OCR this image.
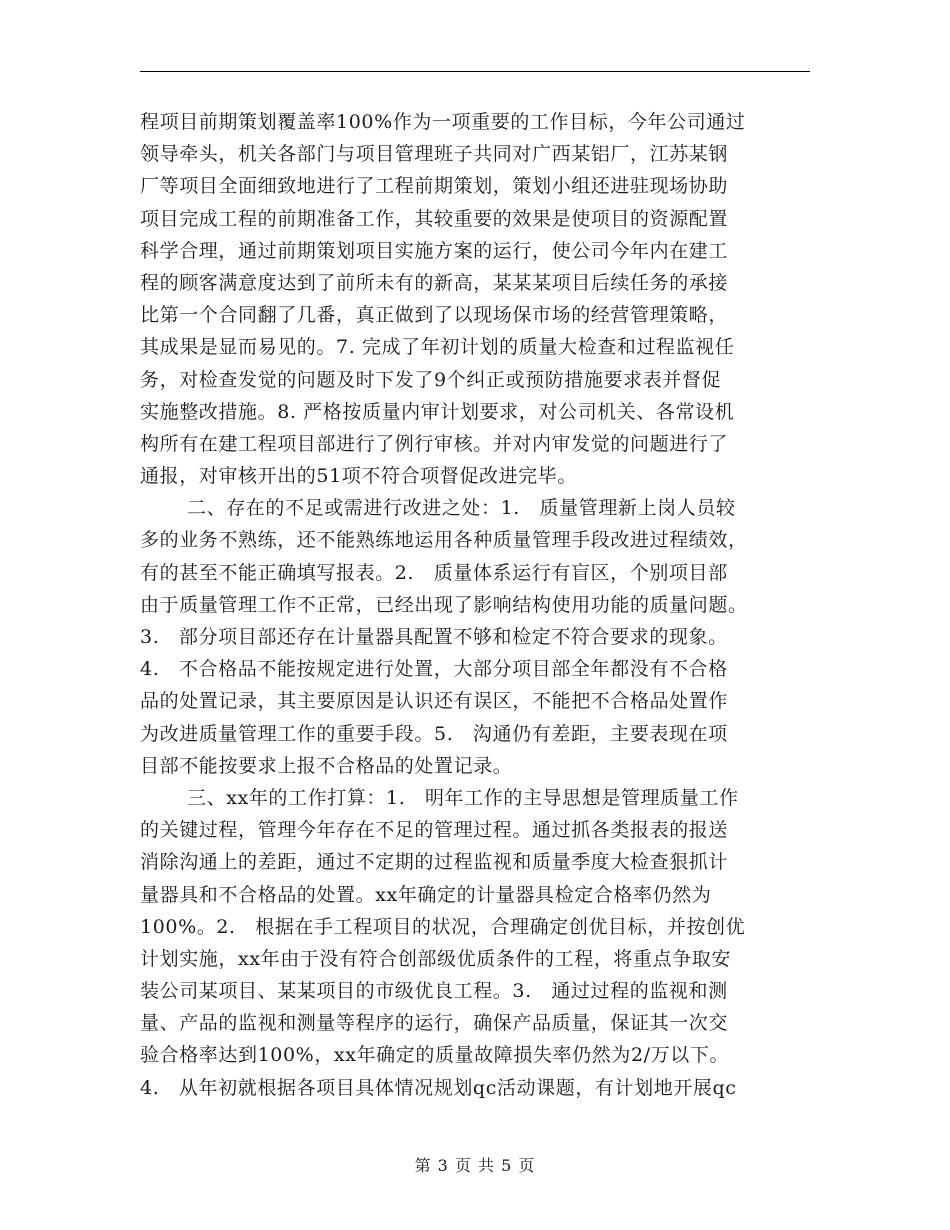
程项目前期策划覆盖率100%作为一项重要的工作目标，今年公司通过
领导牵头，机关各部门与项目管理班子共同对广西某铝厂，江苏某钢
厂等项目全面细致地进行了工程前期策划，策划小组还进驻现场协助
项目完成工程的前期准备工作，其较重要的效果是使项目的资源配置
科学合理，通过前期策划项目实施方案的运行，使公司今年内在建工
程的顾客满意度达到了前所未有的新高，某某某项目后续任务的承接
比第一个合同翻了几番，真正做到了以现场保市场的经营管理策略，
其成果是显而易见的。7. 完成了年初计划的质量大检查和过程监视任
务，对检查发觉的问题及时下发了9个纠正或预防措施要求表并督促
实施整改措施。8. 严格按质量内审计划要求，对公司机关、各常设机
构所有在建工程项目部进行了例行审核。并对内审发觉的问题进行了
通报，对审核开出的51项不符合项督促改进完毕。
二、存在的不足或需进行改进之处：1.　质量管理新上岗人员较
多的业务不熟练，还不能熟练地运用各种质量管理手段改进过程绩效，
有的甚至不能正确填写报表。2.　质量体系运行有盲区，个别项目部
由于质量管理工作不正常，已经出现了影响结构使用功能的质量问题。
3.　部分项目部还存在计量器具配置不够和检定不符合要求的现象。
4.　不合格品不能按规定进行处置，大部分项目部全年都没有不合格
品的处置记录，其主要原因是认识还有误区，不能把不合格品处置作
为改进质量管理工作的重要手段。5.　沟通仍有差距，主要表现在项
目部不能按要求上报不合格品的处置记录。
三、xx年的工作打算：1.　明年工作的主导思想是管理质量工作
的关键过程，管理今年存在不足的管理过程。通过抓各类报表的报送
消除沟通上的差距，通过不定期的过程监视和质量季度大检查狠抓计
量器具和不合格品的处置。xx年确定的计量器具检定合格率仍然为
100%。2.　根据在手工程项目的状况，合理确定创优目标，并按创优
计划实施，xx年由于没有符合创部级优质条件的工程，将重点争取安
装公司某项目、某某项目的市级优良工程。3.　通过过程的监视和测
量、产品的监视和测量等程序的运行，确保产品质量，保证其一次交
验合格率达到100%，xx年确定的质量故障损失率仍然为2/万以下。
4.　从年初就根据各项目具体情况规划qc活动课题，有计划地开展qc
第 3 页 共 5 页
